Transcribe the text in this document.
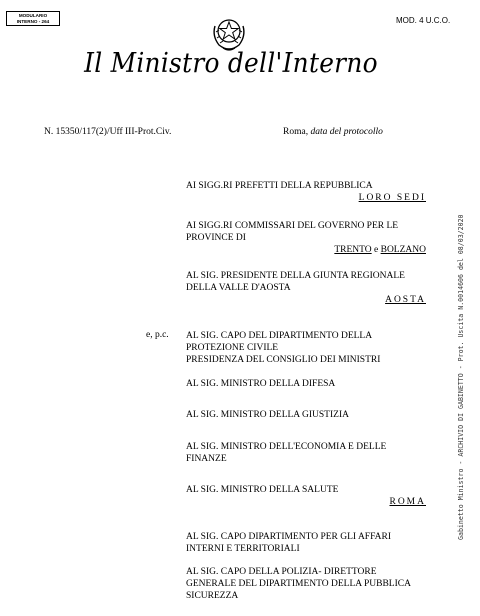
MODULARIO
INTERNO - 264	MOD. 4 U.C.O.
Il Ministro dell'Interno
N. 15350/117(2)/Uff III-Prot.Civ.	Roma, data del protocollo
Gabinetto Ministro - ARCHIVIO DI GABINETTO - Prot. Uscita N.0014606 del 08/03/2020

AI SIGG.RI PREFETTI DELLA REPUBBLICA

LORO SEDI

AI SIGG.RI COMMISSARI DEL GOVERNO PER LE PROVINCE DI

TRENTO e BOLZANO

AL SIG. PRESIDENTE DELLA GIUNTA REGIONALE DELLA VALLE D'AOSTA

AOSTA
e, p.c. AL SIG. CAPO DEL DIPARTIMENTO DELLA PROTEZIONE CIVILE

PRESIDENZA DEL CONSIGLIO DEI MINISTRI

AL SIG. MINISTRO DELLA DIFESA

AL SIG. MINISTRO DELLA GIUSTIZIA

AL SIG. MINISTRO DELL'ECONOMIA E DELLE FINANZE

AL SIG. MINISTRO DELLA SALUTE

ROMA

AL SIG. CAPO DIPARTIMENTO PER GLI AFFARI INTERNI E TERRITORIALI

AL SIG. CAPO DELLA POLIZIA- DIRETTORE GENERALE DEL DIPARTIMENTO DELLA PUBBLICA SICUREZZA
